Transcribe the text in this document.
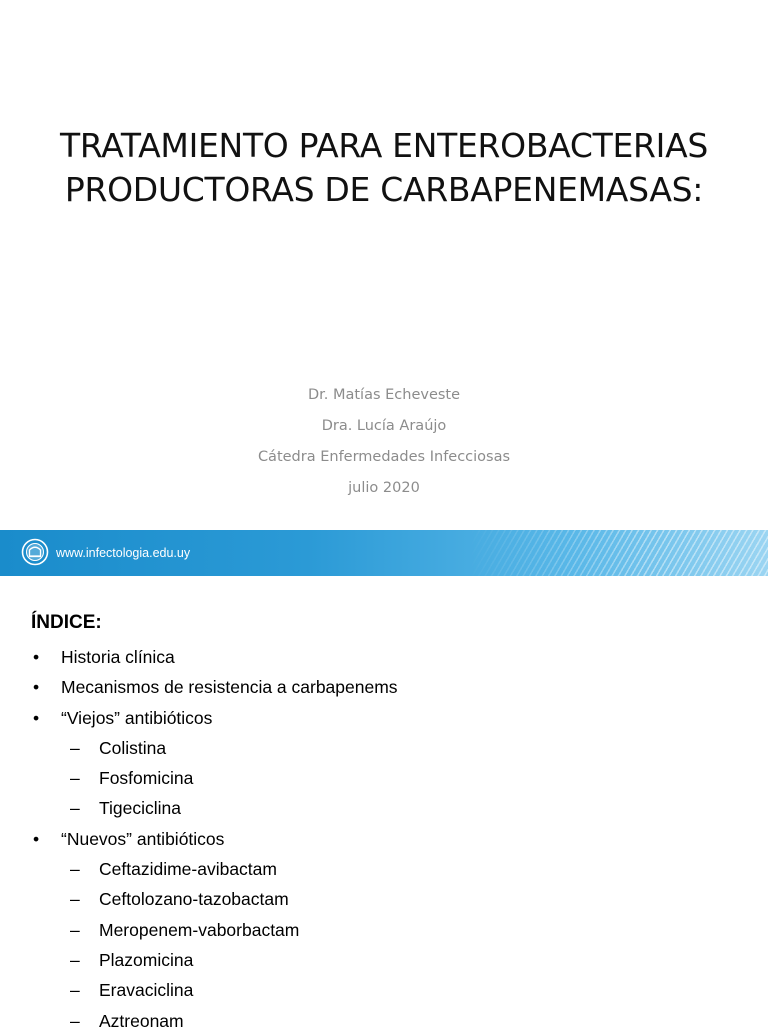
TRATAMIENTO PARA ENTEROBACTERIAS
PRODUCTORAS DE CARBAPENEMASAS:
Dr. Matías Echeveste
Dra. Lucía Araújo
Cátedra Enfermedades Infecciosas
julio 2020
www.infectologia.edu.uy
ÍNDICE:
• Historia clínica
• Mecanismos de resistencia a carbapenems
• “Viejos” antibióticos
– Colistina
– Fosfomicina
– Tigeciclina
• “Nuevos” antibióticos
– Ceftazidime-avibactam
– Ceftolozano-tazobactam
– Meropenem-vaborbactam
– Plazomicina
– Eravaciclina
– Aztreonam
